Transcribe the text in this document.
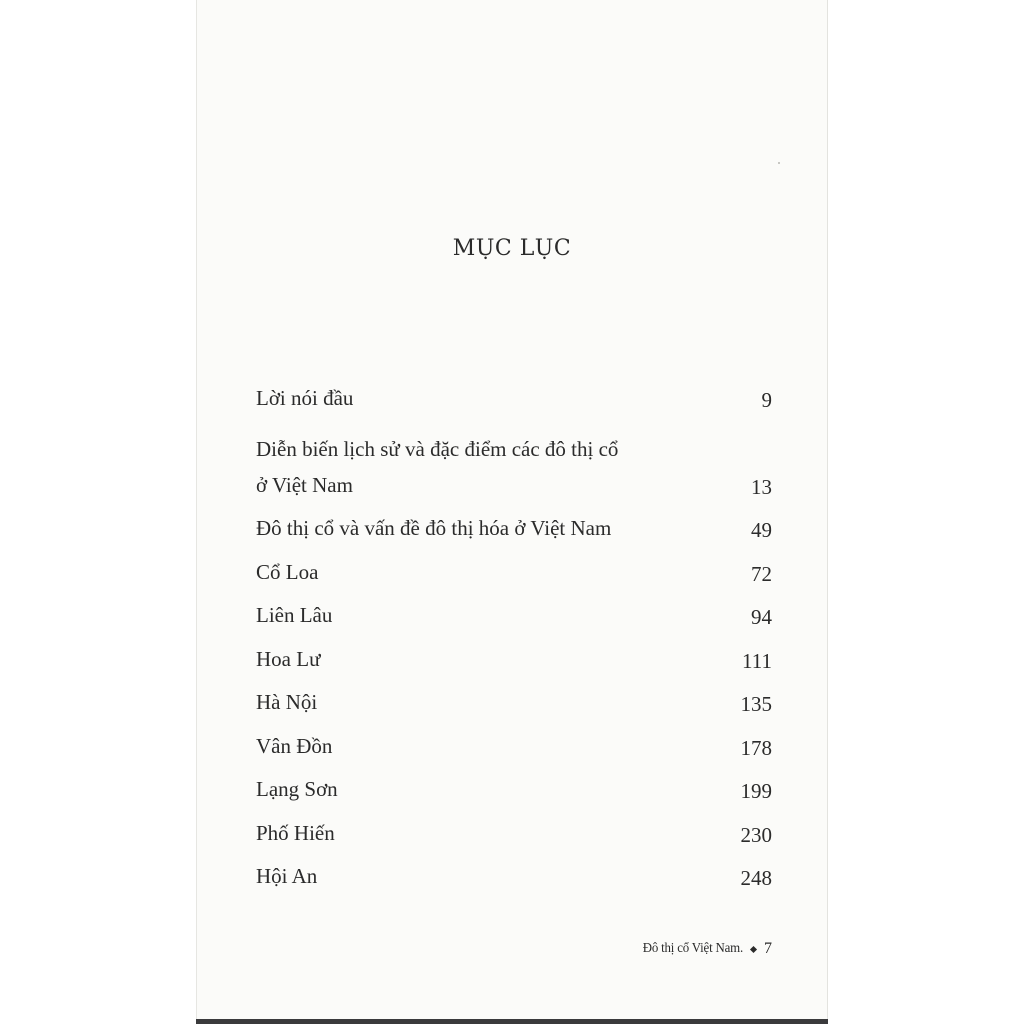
MỤC LỤC
Lời nói đầu	9
Diễn biến lịch sử và đặc điểm các đô thị cổ
ở Việt Nam	13
Đô thị cổ và vấn đề đô thị hóa ở Việt Nam	49
Cổ Loa	72
Liên Lâu	94
Hoa Lư	111
Hà Nội	135
Vân Đồn	178
Lạng Sơn	199
Phố Hiến	230
Hội An	248
Đô thị cổ Việt Nam. 7
